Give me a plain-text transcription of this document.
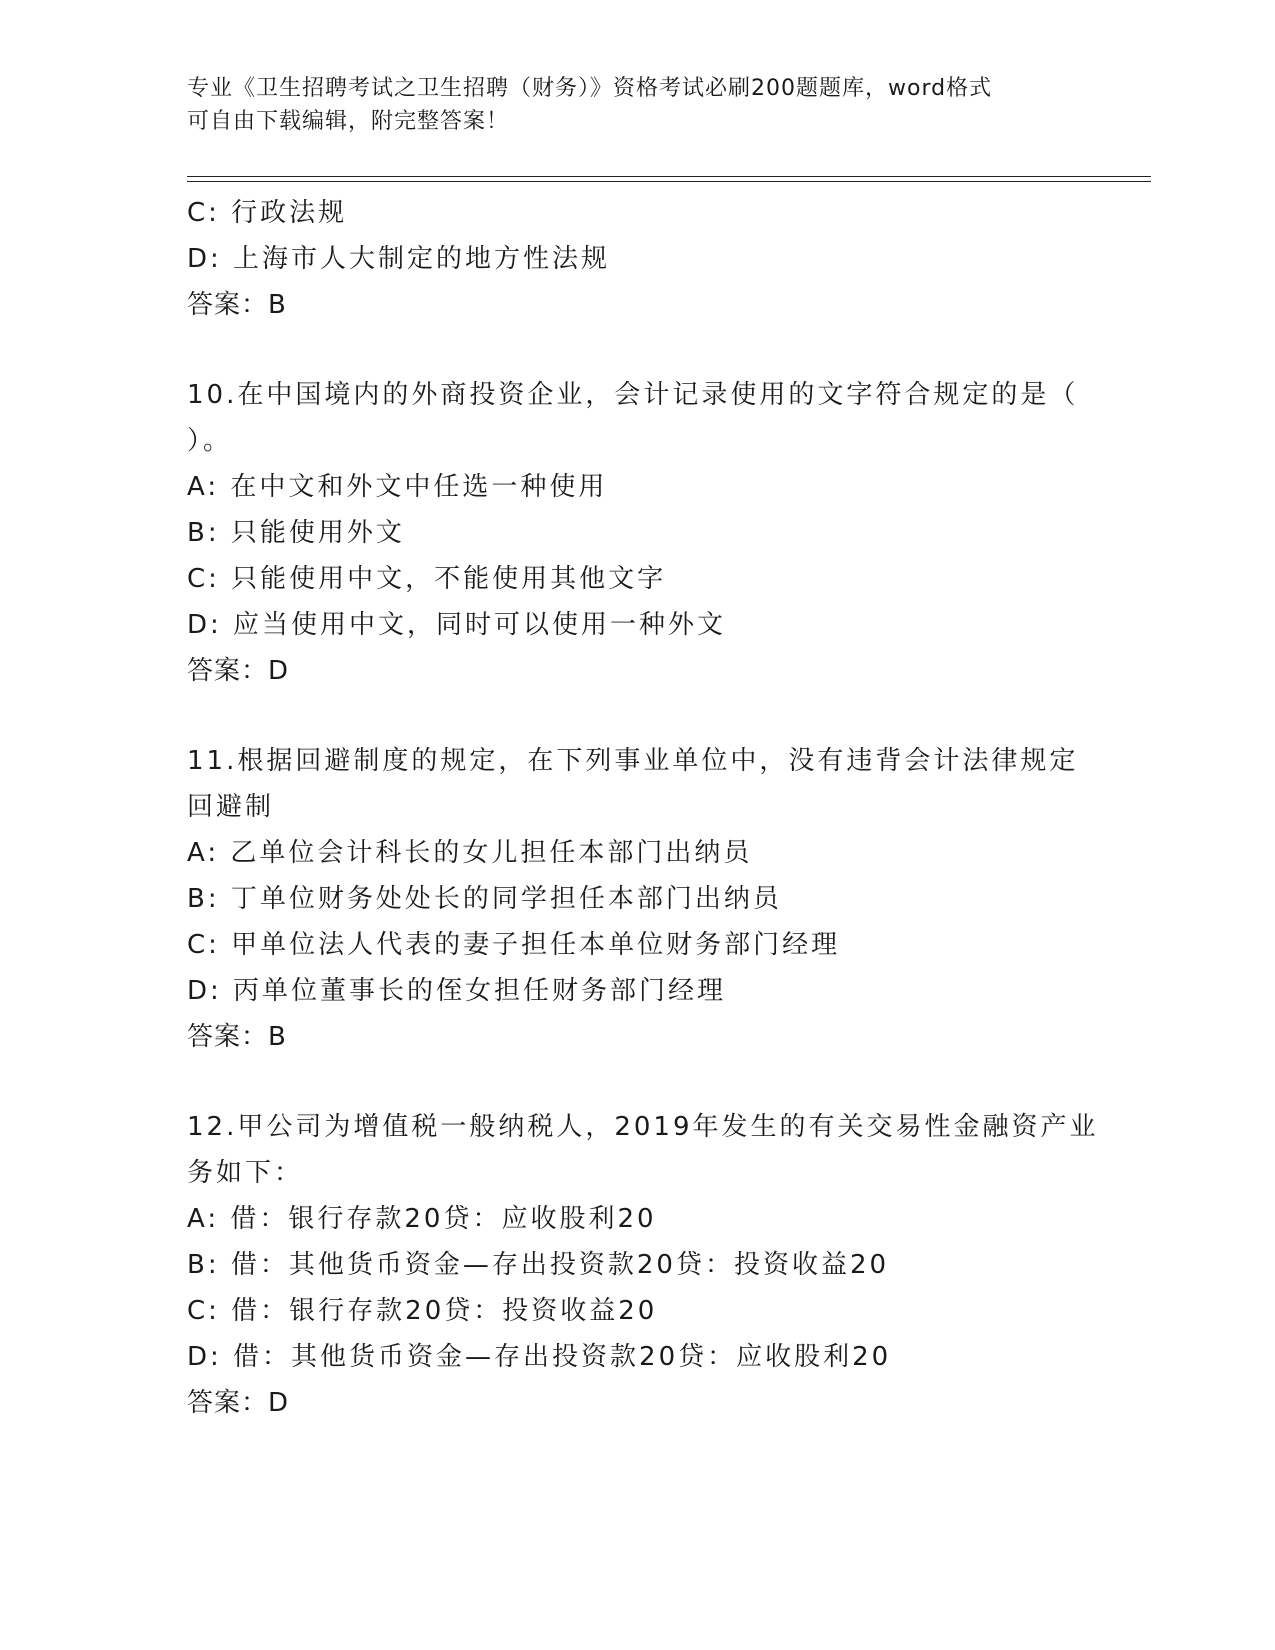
专业《卫生招聘考试之卫生招聘（财务）》资格考试必刷200题题库，word格式
可自由下载编辑，附完整答案！
C: 行政法规
D: 上海市人大制定的地方性法规
答案：B
10.在中国境内的外商投资企业，会计记录使用的文字符合规定的是（
）。
A: 在中文和外文中任选一种使用
B: 只能使用外文
C: 只能使用中文，不能使用其他文字
D: 应当使用中文，同时可以使用一种外文
答案：D
11.根据回避制度的规定，在下列事业单位中，没有违背会计法律规定
回避制
A: 乙单位会计科长的女儿担任本部门出纳员
B: 丁单位财务处处长的同学担任本部门出纳员
C: 甲单位法人代表的妻子担任本单位财务部门经理
D: 丙单位董事长的侄女担任财务部门经理
答案：B
12.甲公司为增值税一般纳税人，2019年发生的有关交易性金融资产业
务如下：
A: 借：银行存款20贷：应收股利20
B: 借：其他货币资金—存出投资款20贷：投资收益20
C: 借：银行存款20贷：投资收益20
D: 借：其他货币资金—存出投资款20贷：应收股利20
答案：D
